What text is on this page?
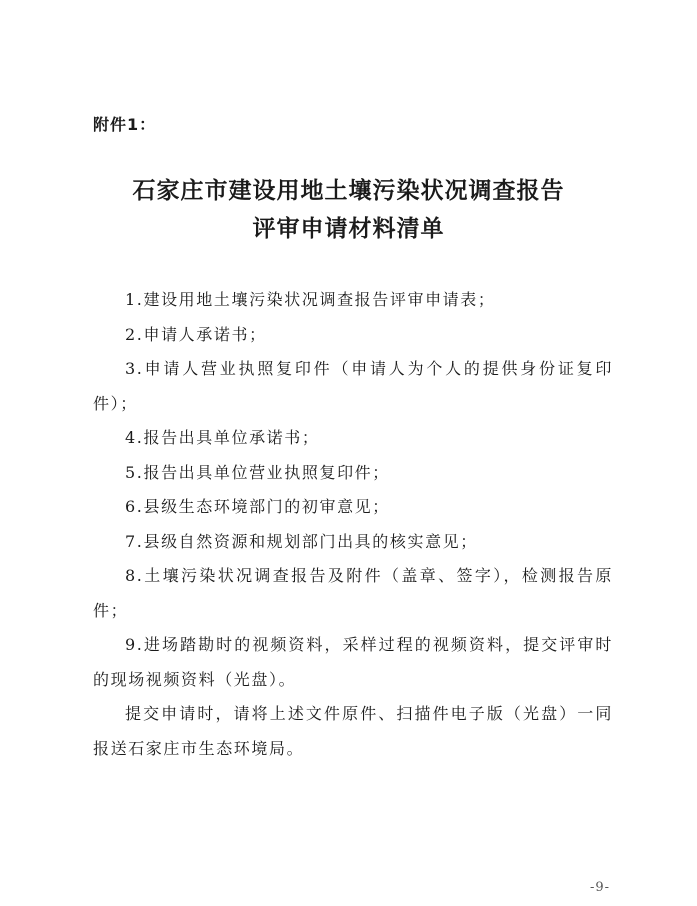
附件1：
石家庄市建设用地土壤污染状况调查报告
评审申请材料清单
1.建设用地土壤污染状况调查报告评审申请表；
2.申请人承诺书；
3.申请人营业执照复印件（申请人为个人的提供身份证复印件）；
4.报告出具单位承诺书；
5.报告出具单位营业执照复印件；
6.县级生态环境部门的初审意见；
7.县级自然资源和规划部门出具的核实意见；
8.土壤污染状况调查报告及附件（盖章、签字），检测报告原件；
9.进场踏勘时的视频资料，采样过程的视频资料，提交评审时的现场视频资料（光盘）。
提交申请时，请将上述文件原件、扫描件电子版（光盘）一同报送石家庄市生态环境局。
-9-
